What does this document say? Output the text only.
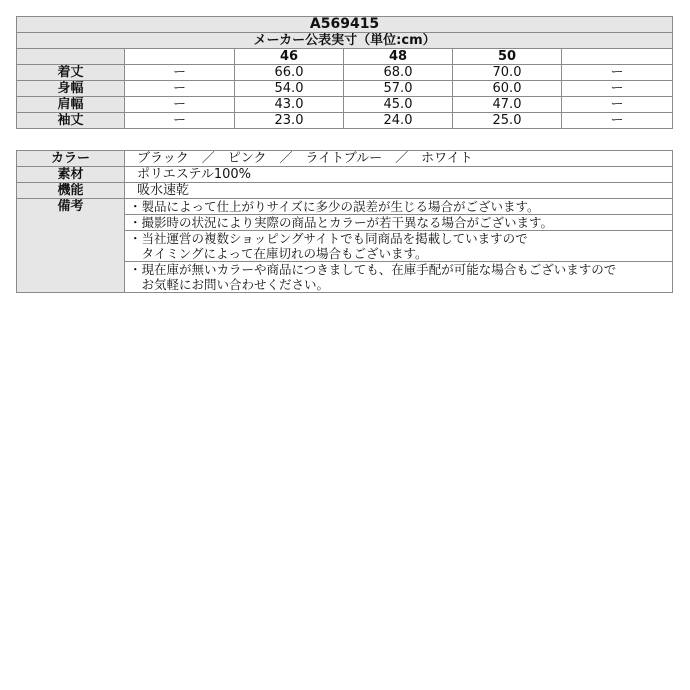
A569415					
メーカー公表実寸（単位:cm）					
		46	48	50	
着丈	ー	66.0	68.0	70.0	ー
身幅	ー	54.0	57.0	60.0	ー
肩幅	ー	43.0	45.0	47.0	ー
袖丈	ー	23.0	24.0	25.0	ー
カラー	ブラック　／　ピンク　／　ライトブルー　／　ホワイト
素材	ポリエステル100%
機能	吸水速乾
備考	・製品によって仕上がりサイズに多少の誤差が生じる場合がございます。

	・撮影時の状況により実際の商品とカラーが若干異なる場合がございます。

	・当社運営の複数ショッピングサイトでも同商品を掲載していますので
　タイミングによって在庫切れの場合もございます。

	・現在庫が無いカラーや商品につきましても、在庫手配が可能な場合もございますので
　お気軽にお問い合わせください。
